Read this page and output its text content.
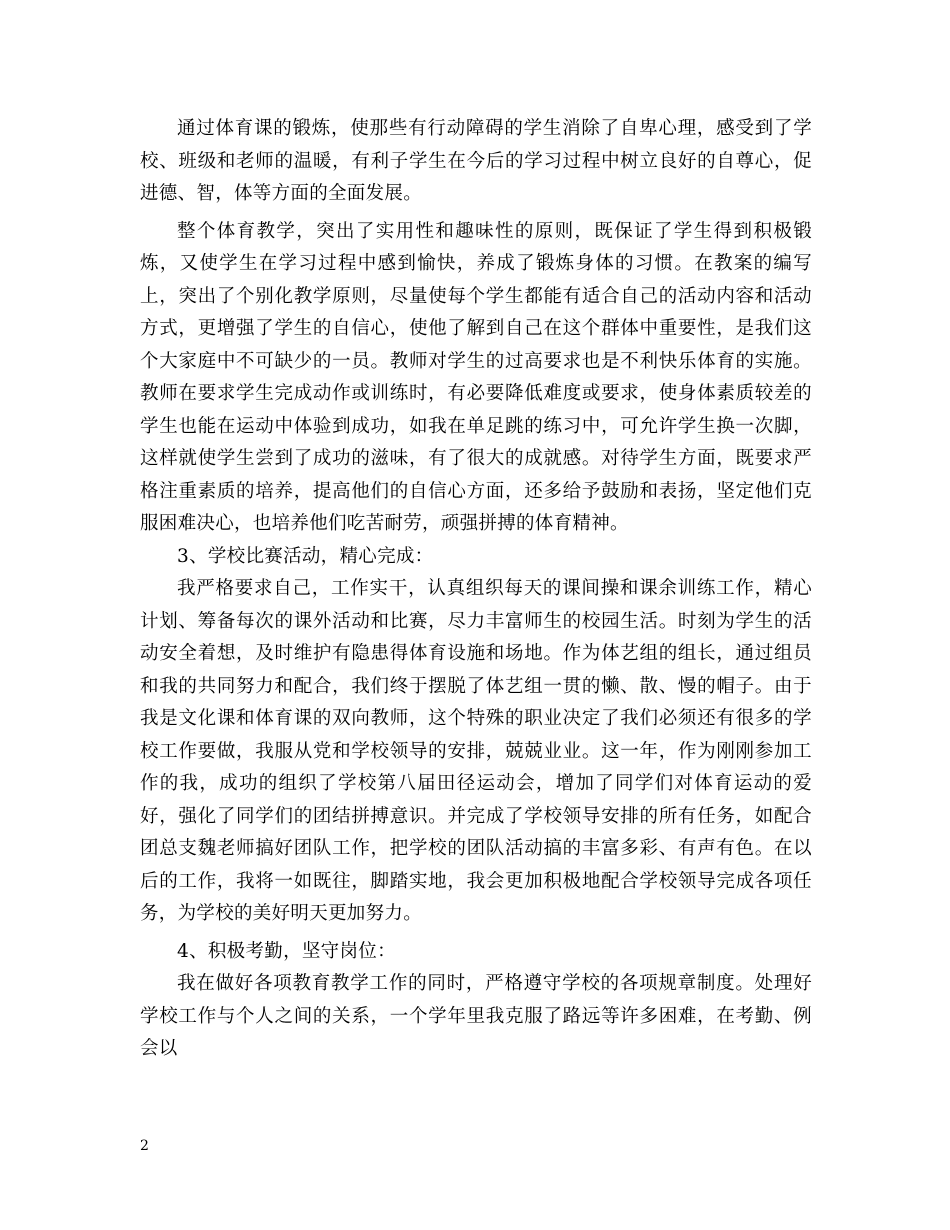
通过体育课的锻炼，使那些有行动障碍的学生消除了自卑心理，感受到了学校、班级和老师的温暖，有利子学生在今后的学习过程中树立良好的自尊心，促进德、智，体等方面的全面发展。

整个体育教学，突出了实用性和趣味性的原则，既保证了学生得到积极锻炼，又使学生在学习过程中感到愉快，养成了锻炼身体的习惯。在教案的编写上，突出了个别化教学原则，尽量使每个学生都能有适合自己的活动内容和活动方式，更增强了学生的自信心，使他了解到自己在这个群体中重要性，是我们这个大家庭中不可缺少的一员。教师对学生的过高要求也是不利快乐体育的实施。教师在要求学生完成动作或训练时，有必要降低难度或要求，使身体素质较差的学生也能在运动中体验到成功，如我在单足跳的练习中，可允许学生换一次脚，这样就使学生尝到了成功的滋味，有了很大的成就感。对待学生方面，既要求严格注重素质的培养，提高他们的自信心方面，还多给予鼓励和表扬，坚定他们克服困难决心，也培养他们吃苦耐劳，顽强拼搏的体育精神。

3、学校比赛活动，精心完成：

我严格要求自己，工作实干，认真组织每天的课间操和课余训练工作，精心计划、筹备每次的课外活动和比赛，尽力丰富师生的校园生活。时刻为学生的活动安全着想，及时维护有隐患得体育设施和场地。作为体艺组的组长，通过组员和我的共同努力和配合，我们终于摆脱了体艺组一贯的懒、散、慢的帽子。由于我是文化课和体育课的双向教师，这个特殊的职业决定了我们必须还有很多的学校工作要做，我服从党和学校领导的安排，兢兢业业。这一年，作为刚刚参加工作的我，成功的组织了学校第八届田径运动会，增加了同学们对体育运动的爱好，强化了同学们的团结拼搏意识。并完成了学校领导安排的所有任务，如配合团总支魏老师搞好团队工作，把学校的团队活动搞的丰富多彩、有声有色。在以后的工作，我将一如既往，脚踏实地，我会更加积极地配合学校领导完成各项任务，为学校的美好明天更加努力。

4、积极考勤，坚守岗位：

我在做好各项教育教学工作的同时，严格遵守学校的各项规章制度。处理好学校工作与个人之间的关系，一个学年里我克服了路远等许多困难，在考勤、例会以

2
